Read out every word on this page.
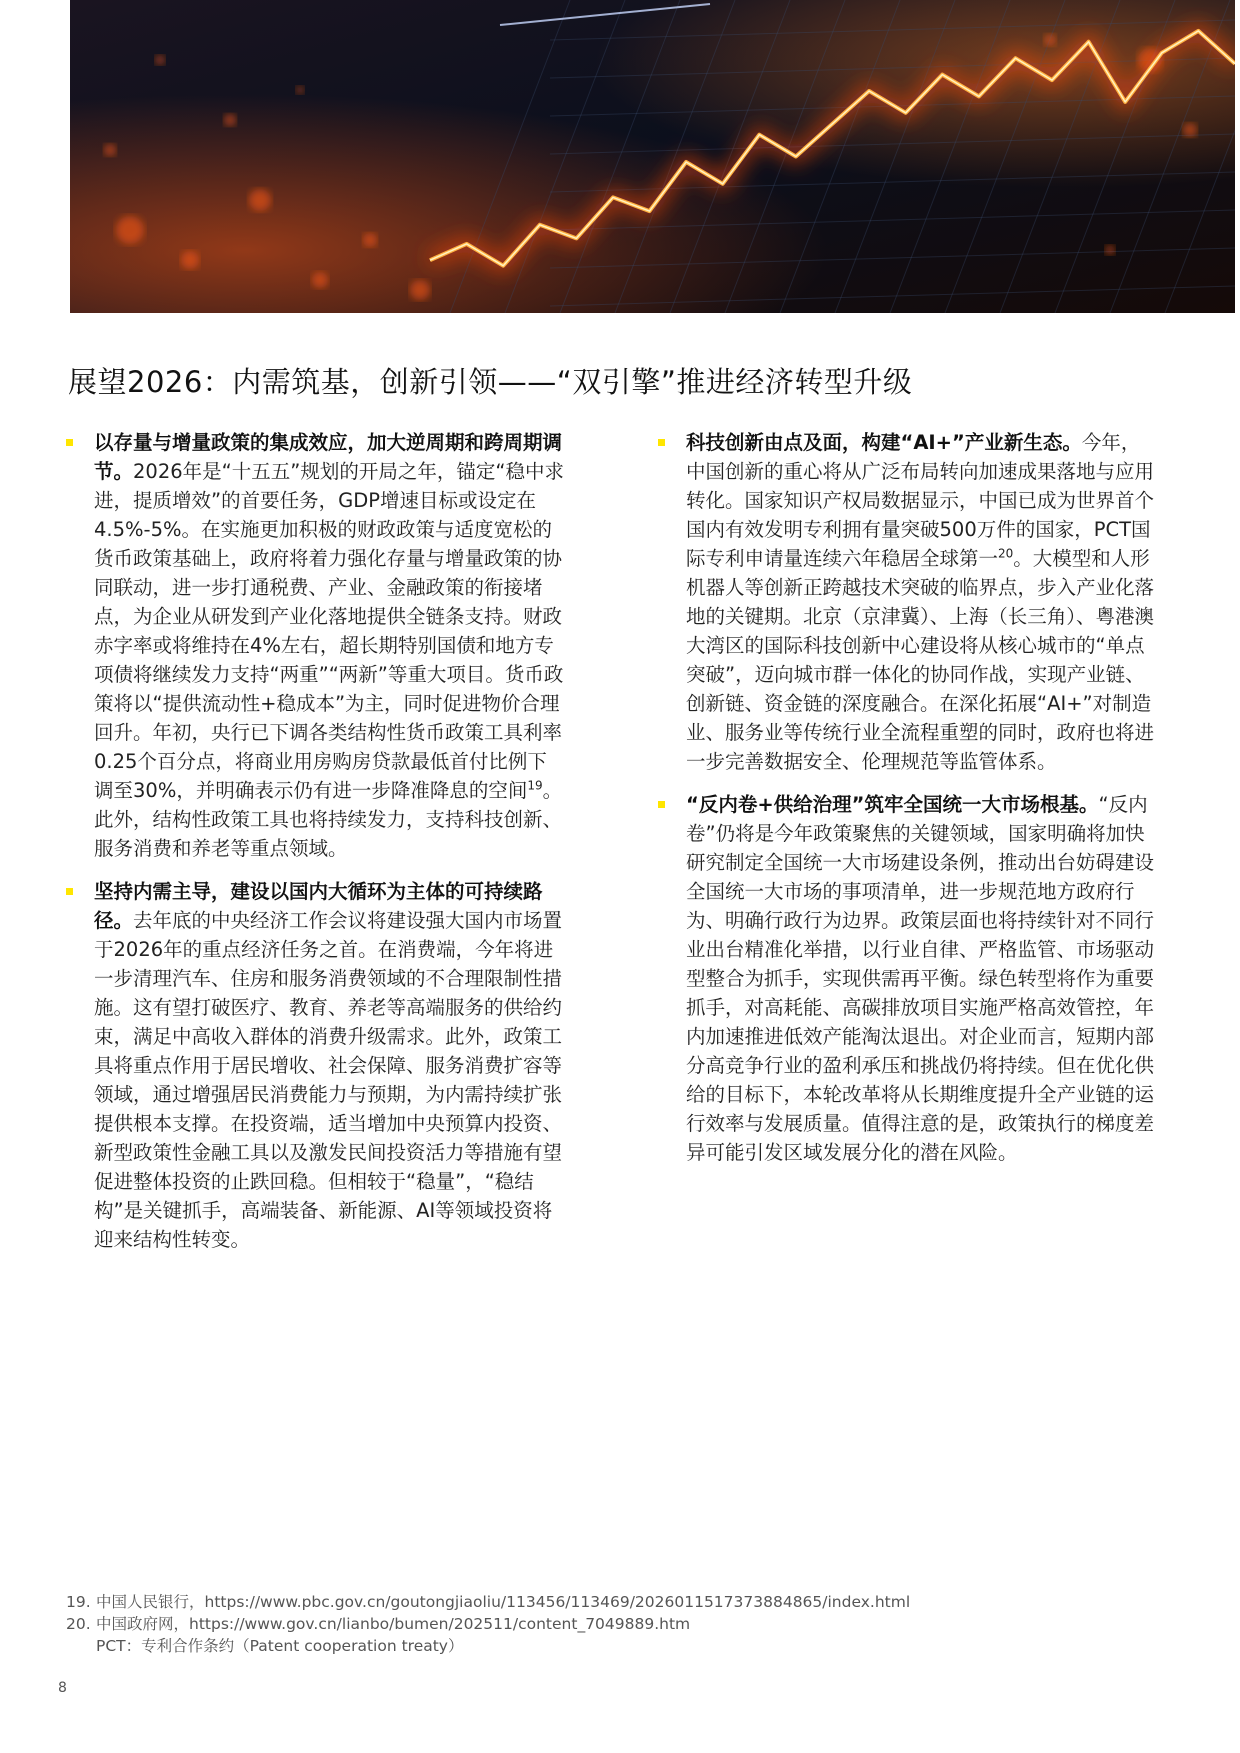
展望2026：内需筑基，创新引领——“双引擎”推进经济转型升级

以存量与增量政策的集成效应，加大逆周期和跨周期调节。2026年是“十五五”规划的开局之年，锚定“稳中求进，提质增效”的首要任务，GDP增速目标或设定在4.5%-5%。在实施更加积极的财政政策与适度宽松的货币政策基础上，政府将着力强化存量与增量政策的协同联动，进一步打通税费、产业、金融政策的衔接堵点，为企业从研发到产业化落地提供全链条支持。财政赤字率或将维持在4%左右，超长期特别国债和地方专项债将继续发力支持“两重”“两新”等重大项目。货币政策将以“提供流动性+稳成本”为主，同时促进物价合理回升。年初，央行已下调各类结构性货币政策工具利率0.25个百分点，将商业用房购房贷款最低首付比例下调至30%，并明确表示仍有进一步降准降息的空间$^{19}$。此外，结构性政策工具也将持续发力，支持科技创新、服务消费和养老等重点领域。

坚持内需主导，建设以国内大循环为主体的可持续路径。去年底的中央经济工作会议将建设强大国内市场置于2026年的重点经济任务之首。在消费端，今年将进一步清理汽车、住房和服务消费领域的不合理限制性措施。这有望打破医疗、教育、养老等高端服务的供给约束，满足中高收入群体的消费升级需求。此外，政策工具将重点作用于居民增收、社会保障、服务消费扩容等领域，通过增强居民消费能力与预期，为内需持续扩张提供根本支撑。在投资端，适当增加中央预算内投资、新型政策性金融工具以及激发民间投资活力等措施有望促进整体投资的止跌回稳。但相较于“稳量”，“稳结构”是关键抓手，高端装备、新能源、AI等领域投资将迎来结构性转变。

科技创新由点及面，构建“AI+”产业新生态。今年，中国创新的重心将从广泛布局转向加速成果落地与应用转化。国家知识产权局数据显示，中国已成为世界首个国内有效发明专利拥有量突破500万件的国家，PCT国际专利申请量连续六年稳居全球第一$^{20}$。大模型和人形机器人等创新正跨越技术突破的临界点，步入产业化落地的关键期。北京（京津冀）、上海（长三角）、粤港澳大湾区的国际科技创新中心建设将从核心城市的“单点突破”，迈向城市群一体化的协同作战，实现产业链、创新链、资金链的深度融合。在深化拓展“AI+”对制造业、服务业等传统行业全流程重塑的同时，政府也将进一步完善数据安全、伦理规范等监管体系。

“反内卷+供给治理”筑牢全国统一大市场根基。“反内卷”仍将是今年政策聚焦的关键领域，国家明确将加快研究制定全国统一大市场建设条例，推动出台妨碍建设全国统一大市场的事项清单，进一步规范地方政府行为、明确行政行为边界。政策层面也将持续针对不同行业出台精准化举措，以行业自律、严格监管、市场驱动型整合为抓手，实现供需再平衡。绿色转型将作为重要抓手，对高耗能、高碳排放项目实施严格高效管控，年内加速推进低效产能淘汰退出。对企业而言，短期内部分高竞争行业的盈利承压和挑战仍将持续。但在优化供给的目标下，本轮改革将从长期维度提升全产业链的运行效率与发展质量。值得注意的是，政策执行的梯度差异可能引发区域发展分化的潜在风险。

19. 中国人民银行，https://www.pbc.gov.cn/goutongjiaoliu/113456/113469/2026011517373884865/index.html
20. 中国政府网，https://www.gov.cn/lianbo/bumen/202511/content_7049889.htm
PCT：专利合作条约（Patent cooperation treaty）
8
